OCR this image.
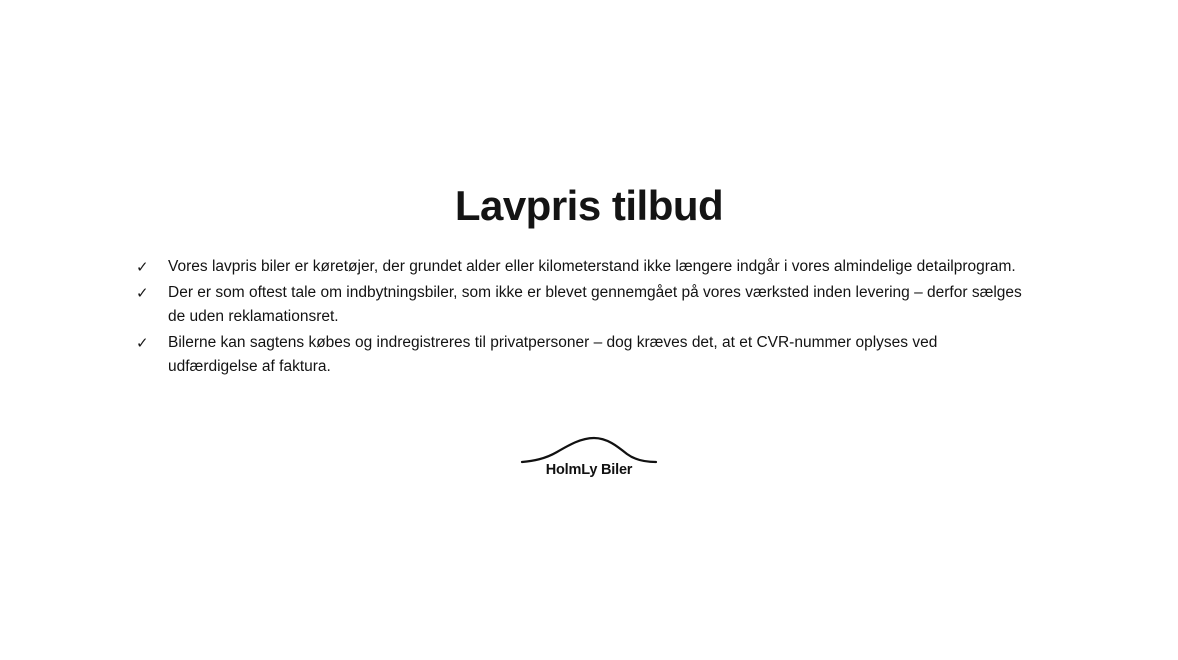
Lavpris tilbud
✓	Vores lavpris biler er køretøjer, der grundet alder eller kilometerstand ikke længere indgår i vores almindelige detailprogram.
✓	Der er som oftest tale om indbytningsbiler, som ikke er blevet gennemgået på vores værksted inden levering – derfor sælges de uden reklamationsret.
✓	Bilerne kan sagtens købes og indregistreres til privatpersoner – dog kræves det, at et CVR-nummer oplyses ved udfærdigelse af faktura.
HolmLy Biler
